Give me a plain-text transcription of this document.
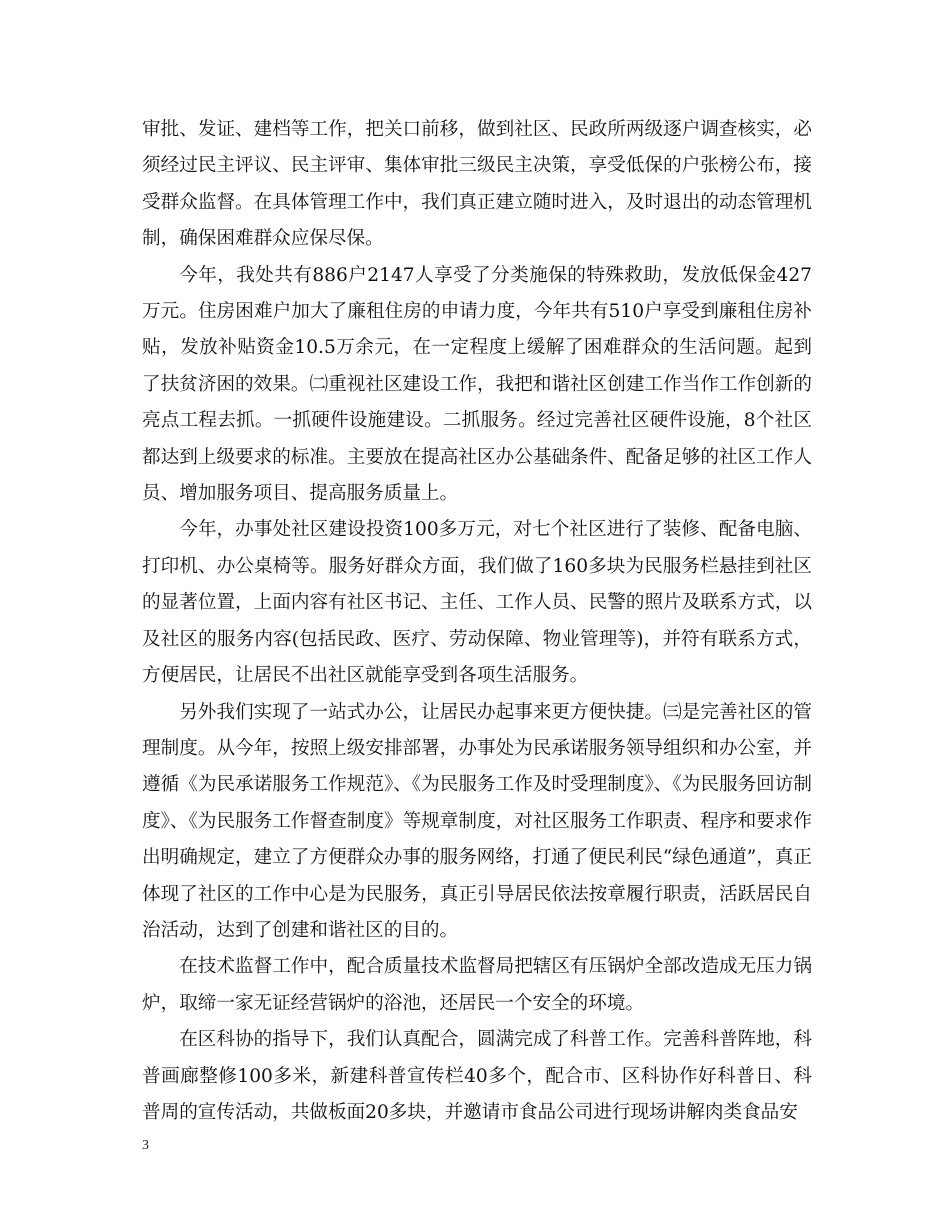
审批、发证、建档等工作，把关口前移，做到社区、民政所两级逐户调查核实，必须经过民主评议、民主评审、集体审批三级民主决策，享受低保的户张榜公布，接受群众监督。在具体管理工作中，我们真正建立随时进入，及时退出的动态管理机制，确保困难群众应保尽保。

今年，我处共有886户2147人享受了分类施保的特殊救助，发放低保金427万元。住房困难户加大了廉租住房的申请力度，今年共有510户享受到廉租住房补贴，发放补贴资金10.5万余元，在一定程度上缓解了困难群众的生活问题。起到了扶贫济困的效果。㈡重视社区建设工作，我把和谐社区创建工作当作工作创新的亮点工程去抓。一抓硬件设施建设。二抓服务。经过完善社区硬件设施，8个社区都达到上级要求的标准。主要放在提高社区办公基础条件、配备足够的社区工作人员、增加服务项目、提高服务质量上。

今年，办事处社区建设投资100多万元，对七个社区进行了装修、配备电脑、打印机、办公桌椅等。服务好群众方面，我们做了160多块为民服务栏悬挂到社区的显著位置，上面内容有社区书记、主任、工作人员、民警的照片及联系方式，以及社区的服务内容(包括民政、医疗、劳动保障、物业管理等)，并符有联系方式，方便居民，让居民不出社区就能享受到各项生活服务。

另外我们实现了一站式办公，让居民办起事来更方便快捷。㈢是完善社区的管理制度。从今年，按照上级安排部署，办事处为民承诺服务领导组织和办公室，并遵循《为民承诺服务工作规范》、《为民服务工作及时受理制度》、《为民服务回访制度》、《为民服务工作督查制度》等规章制度，对社区服务工作职责、程序和要求作出明确规定，建立了方便群众办事的服务网络，打通了便民利民“绿色通道”，真正体现了社区的工作中心是为民服务，真正引导居民依法按章履行职责，活跃居民自治活动，达到了创建和谐社区的目的。

在技术监督工作中，配合质量技术监督局把辖区有压锅炉全部改造成无压力锅炉，取缔一家无证经营锅炉的浴池，还居民一个安全的环境。

在区科协的指导下，我们认真配合，圆满完成了科普工作。完善科普阵地，科普画廊整修100多米，新建科普宣传栏40多个，配合市、区科协作好科普日、科普周的宣传活动，共做板面20多块，并邀请市食品公司进行现场讲解肉类食品安

3
